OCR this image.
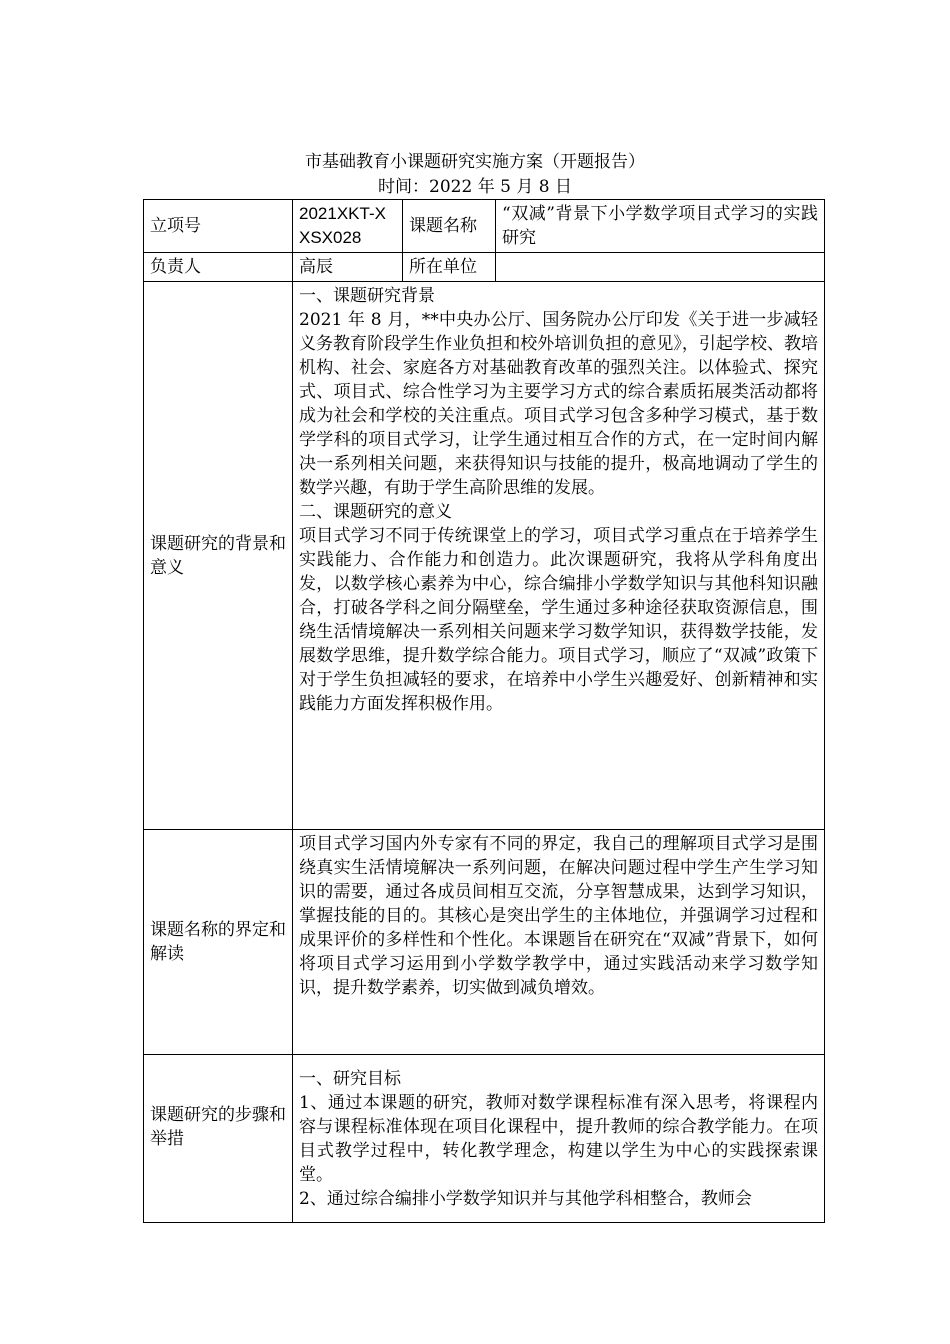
市基础教育小课题研究实施方案（开题报告）
时间：2022 年 5 月 8 日
立项号	2021XKT-XXSX028	课题名称	“双减”背景下小学数学项目式学习的实践研究
负责人	高辰	所在单位	
课题研究的背景和意义	一、课题研究背景
2021 年 8 月，**中央办公厅、国务院办公厅印发《关于进一步减轻义务教育阶段学生作业负担和校外培训负担的意见》，引起学校、教培机构、社会、家庭各方对基础教育改革的强烈关注。以体验式、探究式、项目式、综合性学习为主要学习方式的综合素质拓展类活动都将成为社会和学校的关注重点。项目式学习包含多种学习模式，基于数学学科的项目式学习，让学生通过相互合作的方式，在一定时间内解决一系列相关问题，来获得知识与技能的提升，极高地调动了学生的数学兴趣，有助于学生高阶思维的发展。
二、课题研究的意义
项目式学习不同于传统课堂上的学习，项目式学习重点在于培养学生实践能力、合作能力和创造力。此次课题研究，我将从学科角度出发，以数学核心素养为中心，综合编排小学数学知识与其他科知识融合，打破各学科之间分隔壁垒，学生通过多种途径获取资源信息，围绕生活情境解决一系列相关问题来学习数学知识，获得数学技能，发展数学思维，提升数学综合能力。项目式学习，顺应了“双减”政策下对于学生负担减轻的要求，在培养中小学生兴趣爱好、创新精神和实践能力方面发挥积极作用。		

课题名称的界定和解读	项目式学习国内外专家有不同的界定，我自己的理解项目式学习是围绕真实生活情境解决一系列问题，在解决问题过程中学生产生学习知识的需要，通过各成员间相互交流，分享智慧成果，达到学习知识，掌握技能的目的。其核心是突出学生的主体地位，并强调学习过程和成果评价的多样性和个性化。本课题旨在研究在“双减”背景下，如何将项目式学习运用到小学数学教学中，通过实践活动来学习数学知识，提升数学素养，切实做到减负增效。		

课题研究的步骤和举措	一、研究目标
1、通过本课题的研究，教师对数学课程标准有深入思考，将课程内容与课程标准体现在项目化课程中，提升教师的综合教学能力。在项目式教学过程中，转化教学理念，构建以学生为中心的实践探索课堂。
2、通过综合编排小学数学知识并与其他学科相整合，教师会		
